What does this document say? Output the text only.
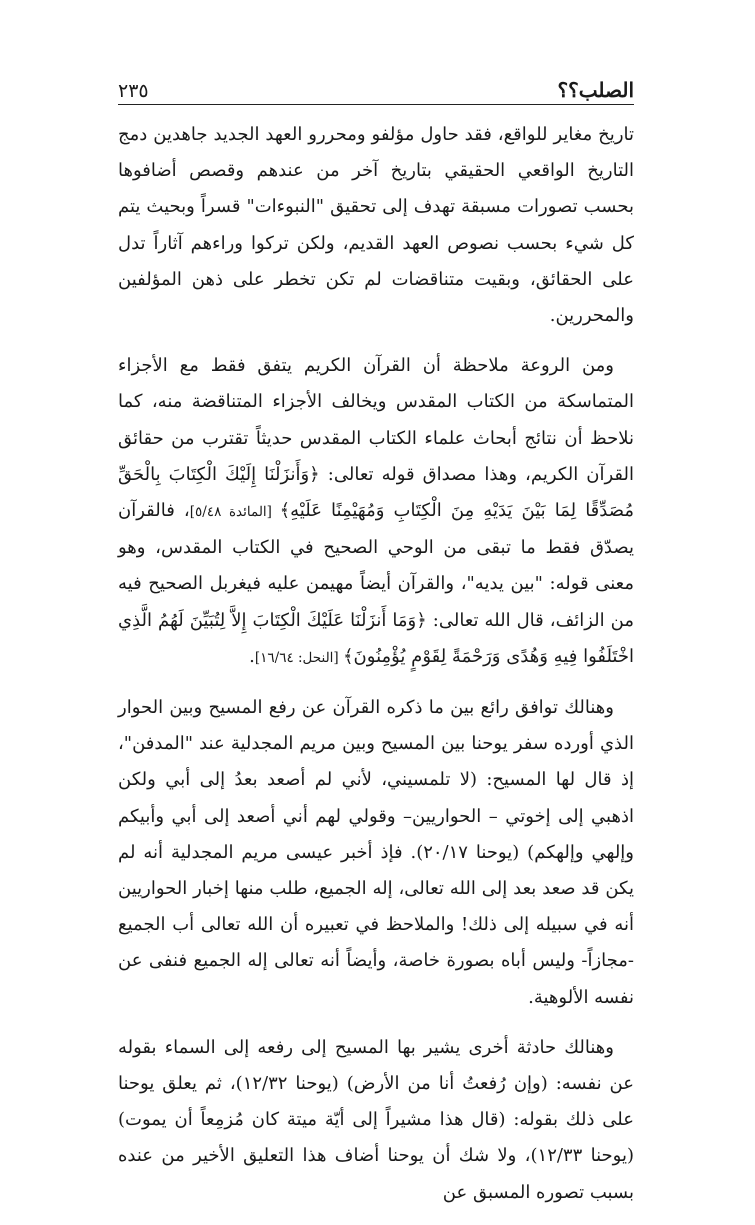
الصلب؟؟
٢٣٥

تاريخ مغاير للواقع، فقد حاول مؤلفو ومحررو العهد الجديد جاهدين دمج التاريخ الواقعي الحقيقي بتاريخ آخر من عندهم وقصص أضافوها بحسب تصورات مسبقة تهدف إلى تحقيق "النبوءات" قسراً وبحيث يتم كل شيء بحسب نصوص العهد القديم، ولكن تركوا وراءهم آثاراً تدل على الحقائق، وبقيت متناقضات لم تكن تخطر على ذهن المؤلفين والمحررين.

ومن الروعة ملاحظة أن القرآن الكريم يتفق فقط مع الأجزاء المتماسكة من الكتاب المقدس ويخالف الأجزاء المتناقضة منه، كما نلاحظ أن نتائج أبحاث علماء الكتاب المقدس حديثاً تقترب من حقائق القرآن الكريم، وهذا مصداق قوله تعالى: ﴿وَأَنزَلْنَا إِلَيْكَ الْكِتَابَ بِالْحَقِّ مُصَدِّقًا لِمَا بَيْنَ يَدَيْهِ مِنَ الْكِتَابِ وَمُهَيْمِنًا عَلَيْهِ﴾ [المائدة ٥/٤٨]، فالقرآن يصدّق فقط ما تبقى من الوحي الصحيح في الكتاب المقدس، وهو معنى قوله: "بين يديه"، والقرآن أيضاً مهيمن عليه فيغربل الصحيح فيه من الزائف، قال الله تعالى: ﴿وَمَا أَنزَلْنَا عَلَيْكَ الْكِتَابَ إِلاَّ لِتُبَيِّنَ لَهُمُ الَّذِي اخْتَلَفُوا فِيهِ وَهُدًى وَرَحْمَةً لِقَوْمٍ يُؤْمِنُونَ﴾ [النحل: ١٦/٦٤].

وهنالك توافق رائع بين ما ذكره القرآن عن رفع المسيح وبين الحوار الذي أورده سفر يوحنا بين المسيح وبين مريم المجدلية عند "المدفن"، إذ قال لها المسيح: (لا تلمسيني، لأني لم أصعد بعدُ إلى أبي ولكن اذهبي إلى إخوتي – الحواريين– وقولي لهم أني أصعد إلى أبي وأبيكم وإلهي وإلهكم) (يوحنا ٢٠/١٧). فإذ أخبر عيسى مريم المجدلية أنه لم يكن قد صعد بعد إلى الله تعالى، إله الجميع، طلب منها إخبار الحواريين أنه في سبيله إلى ذلك! والملاحظ في تعبيره أن الله تعالى أب الجميع -مجازاً- وليس أباه بصورة خاصة، وأيضاً أنه تعالى إله الجميع فنفى عن نفسه الألوهية.

وهنالك حادثة أخرى يشير بها المسيح إلى رفعه إلى السماء بقوله عن نفسه: (وإن رُفعتُ أنا من الأرض) (يوحنا ١٢/٣٢)، ثم يعلق يوحنا على ذلك بقوله: (قال هذا مشيراً إلى أيّة ميتة كان مُزمِعاً أن يموت) (يوحنا ١٢/٣٣)، ولا شك أن يوحنا أضاف هذا التعليق الأخير من عنده بسبب تصوره المسبق عن
